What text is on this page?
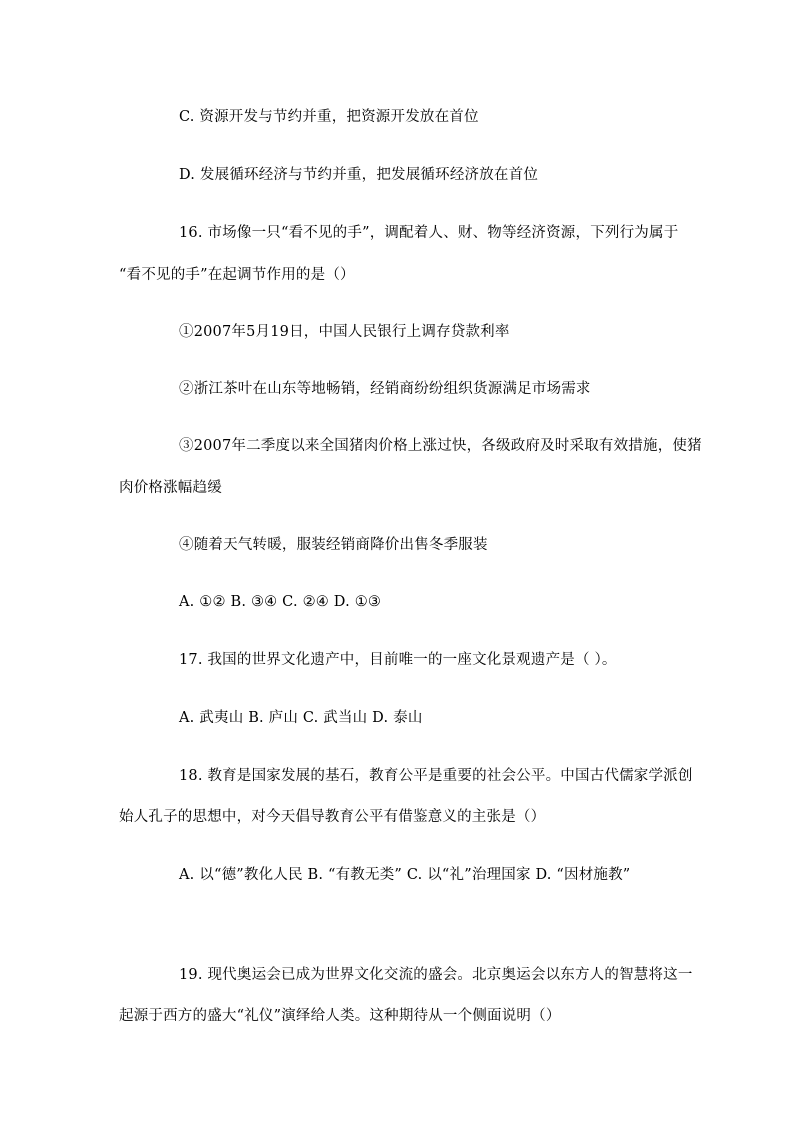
C. 资源开发与节约并重，把资源开发放在首位
D. 发展循环经济与节约并重，把发展循环经济放在首位
16. 市场像一只“看不见的手”，调配着人、财、物等经济资源，下列行为属于
“看不见的手”在起调节作用的是（）
①2007年5月19日，中国人民银行上调存贷款利率
②浙江茶叶在山东等地畅销，经销商纷纷组织货源满足市场需求
③2007年二季度以来全国猪肉价格上涨过快，各级政府及时采取有效措施，使猪
肉价格涨幅趋缓
④随着天气转暖，服装经销商降价出售冬季服装
A. ①② B. ③④ C. ②④ D. ①③
17. 我国的世界文化遗产中，目前唯一的一座文化景观遗产是（ ）。
A. 武夷山 B. 庐山 C. 武当山 D. 泰山
18. 教育是国家发展的基石，教育公平是重要的社会公平。中国古代儒家学派创
始人孔子的思想中，对今天倡导教育公平有借鉴意义的主张是（）
A. 以“德”教化人民 B. “有教无类” C. 以“礼”治理国家 D. “因材施教”
19. 现代奥运会已成为世界文化交流的盛会。北京奥运会以东方人的智慧将这一
起源于西方的盛大“礼仪”演绎给人类。这种期待从一个侧面说明（）
